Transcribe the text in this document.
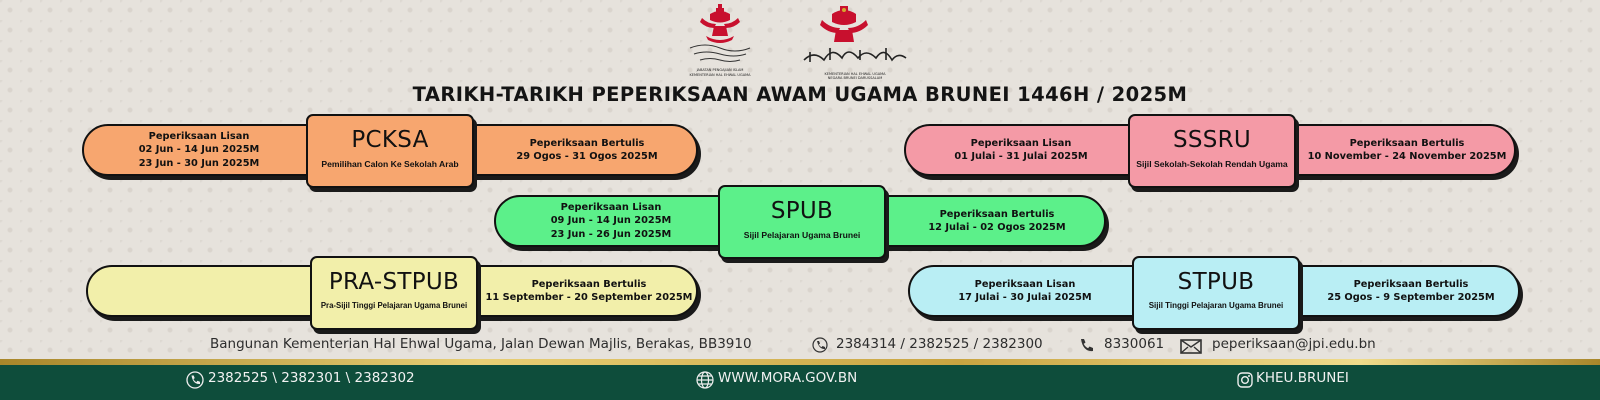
JABATAN PENGAJIAN ISLAM
KEMENTERIAN HAL EHWAL UGAMA	KEMENTERIAN HAL EHWAL UGAMA
NEGARA BRUNEI DARUSSALAM
TARIKH-TARIKH PEPERIKSAAN AWAM UGAMA BRUNEI 1446H / 2025M
Peperiksaan Lisan
02 Jun - 14 Jun 2025M
23 Jun - 30 Jun 2025M
Peperiksaan Bertulis
29 Ogos - 31 Ogos 2025M
PCKSA
Pemilihan Calon Ke Sekolah Arab
Peperiksaan Lisan
01 Julai - 31 Julai 2025M
Peperiksaan Bertulis
10 November - 24 November 2025M
SSSRU
Sijil Sekolah-Sekolah Rendah Ugama
Peperiksaan Lisan
09 Jun - 14 Jun 2025M
23 Jun - 26 Jun 2025M
Peperiksaan Bertulis
12 Julai - 02 Ogos 2025M
SPUB
Sijil Pelajaran Ugama Brunei
Peperiksaan Bertulis
11 September - 20 September 2025M
PRA-STPUB
Pra-Sijil Tinggi Pelajaran Ugama Brunei
Peperiksaan Lisan
17 Julai - 30 Julai 2025M
Peperiksaan Bertulis
25 Ogos - 9 September 2025M
STPUB
Sijil Tinggi Pelajaran Ugama Brunei
Bangunan Kementerian Hal Ehwal Ugama, Jalan Dewan Majlis, Berakas, BB3910	2384314 / 2382525 / 2382300	8330061	peperiksaan@jpi.edu.bn
2382525 \ 2382301 \ 2382302	WWW.MORA.GOV.BN	KHEU.BRUNEI
